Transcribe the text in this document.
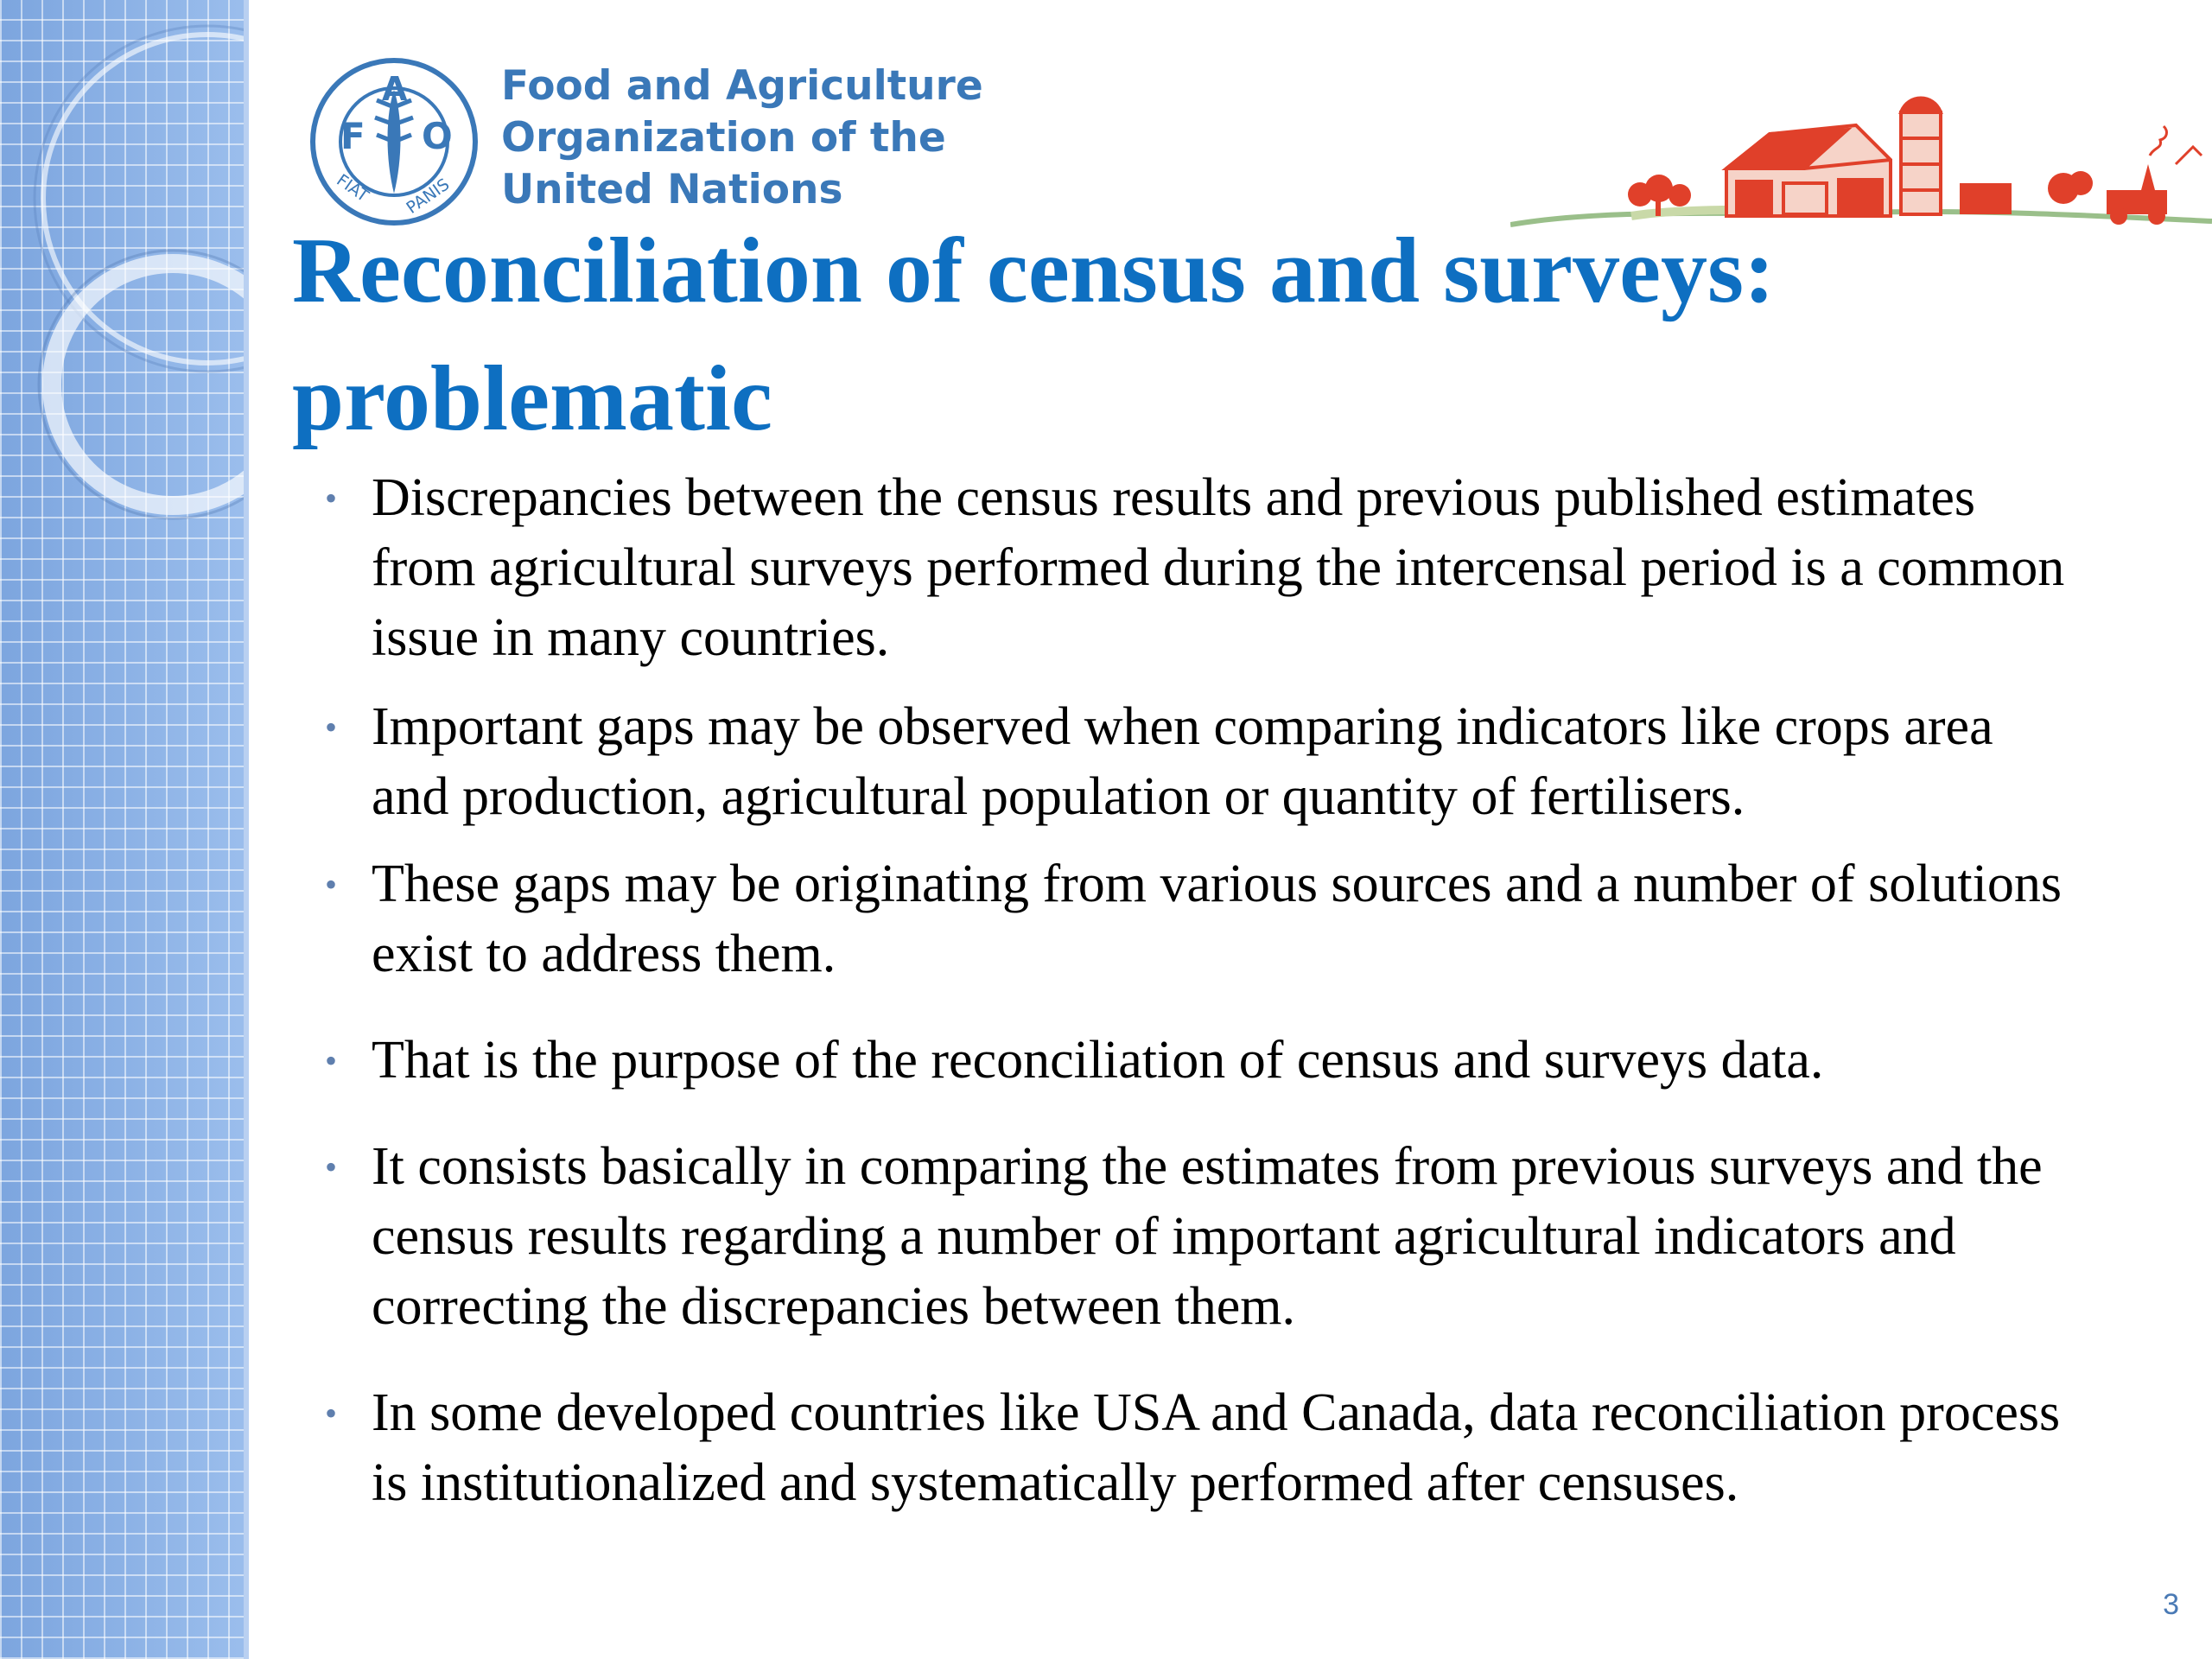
F
A
O
FIAT PANIS
Food and Agriculture
Organization of the
United Nations
Reconciliation of census and surveys:
problematic
• Discrepancies between the census results and previous published estimates from agricultural surveys performed during the intercensal period is a common issue in many countries.
• Important gaps may be observed when comparing indicators like crops area and production, agricultural population or quantity of fertilisers.
• These gaps may be originating from various sources and a number of solutions exist to address them.
• That is the purpose of the reconciliation of census and surveys data.
• It consists basically in comparing the estimates from previous surveys and the census results regarding a number of important agricultural indicators and correcting the discrepancies between them.
• In some developed countries like USA and Canada, data reconciliation process is institutionalized and systematically performed after censuses.
3
